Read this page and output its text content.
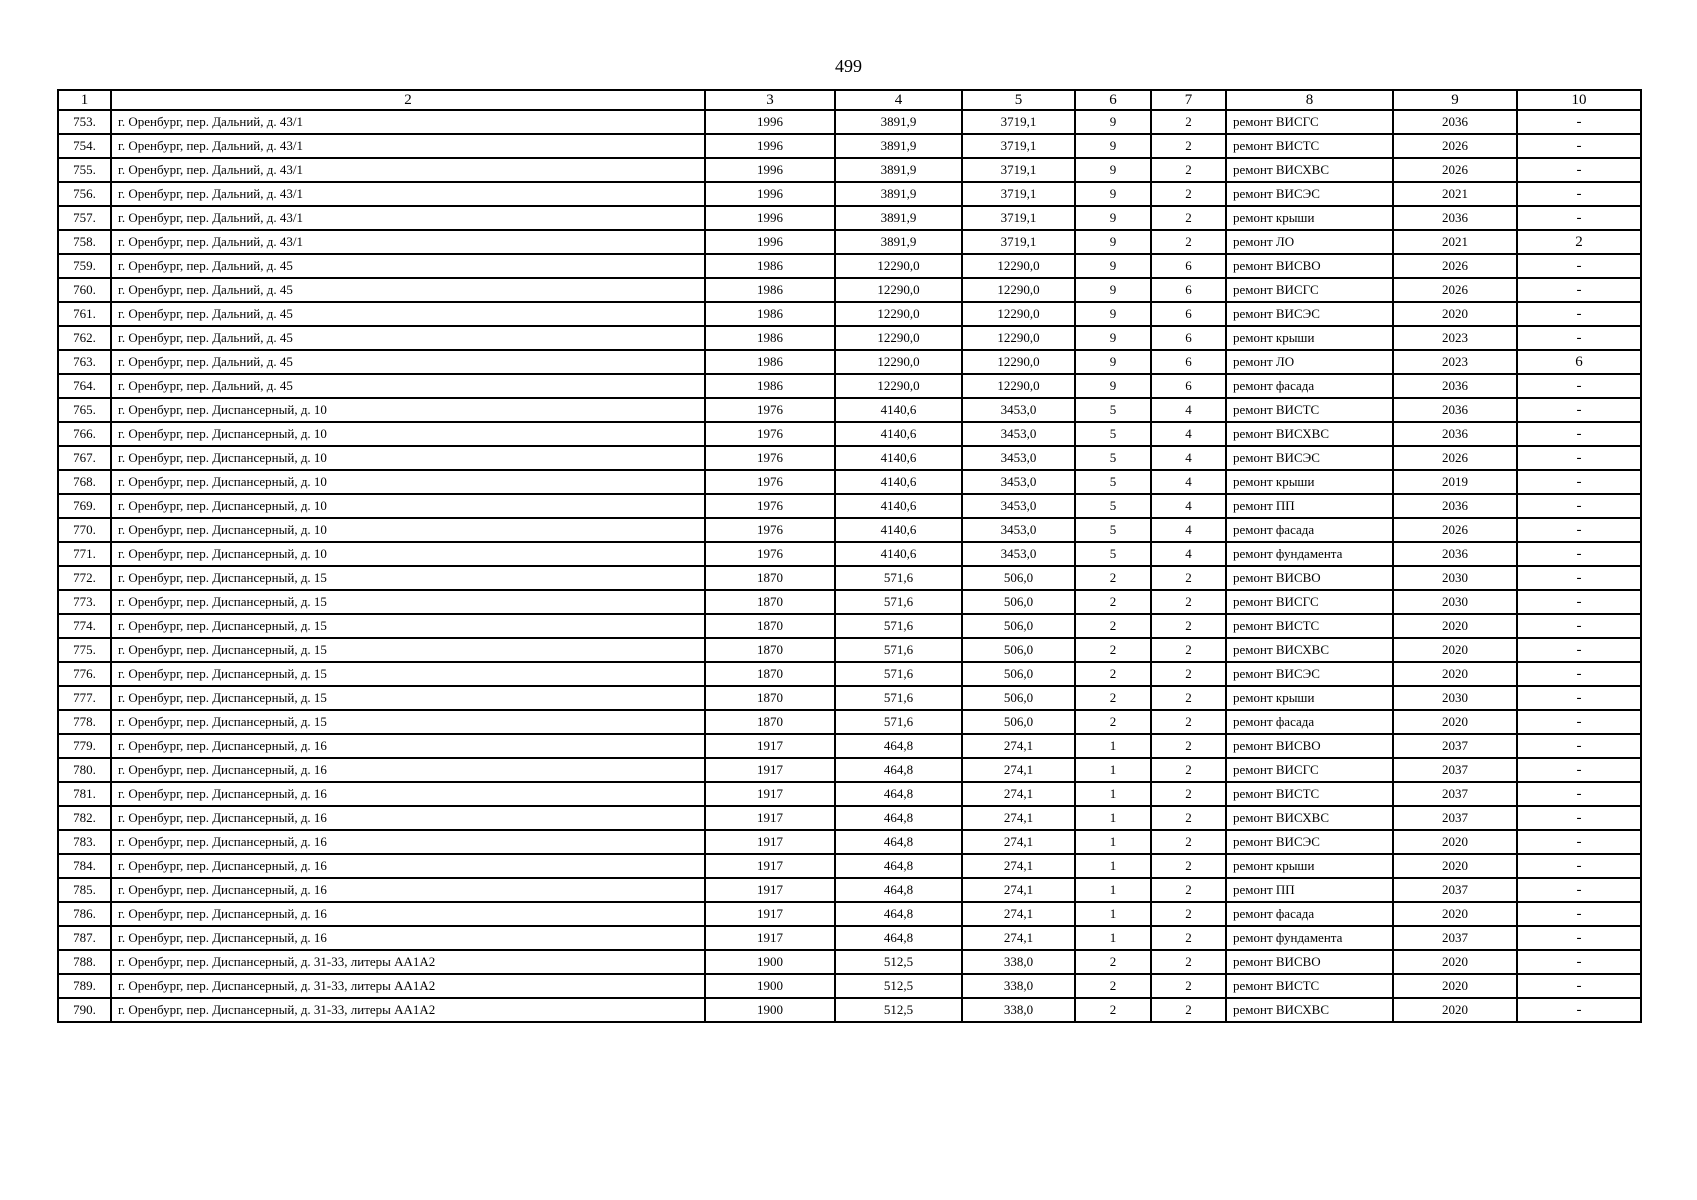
499
1	2	3	4	5	6	7	8	9	10
753.	г. Оренбург, пер. Дальний, д. 43/1	1996	3891,9	3719,1	9	2	ремонт ВИСГС	2036	-
754.	г. Оренбург, пер. Дальний, д. 43/1	1996	3891,9	3719,1	9	2	ремонт ВИСТС	2026	-
755.	г. Оренбург, пер. Дальний, д. 43/1	1996	3891,9	3719,1	9	2	ремонт ВИСХВС	2026	-
756.	г. Оренбург, пер. Дальний, д. 43/1	1996	3891,9	3719,1	9	2	ремонт ВИСЭС	2021	-
757.	г. Оренбург, пер. Дальний, д. 43/1	1996	3891,9	3719,1	9	2	ремонт крыши	2036	-
758.	г. Оренбург, пер. Дальний, д. 43/1	1996	3891,9	3719,1	9	2	ремонт ЛО	2021	2
759.	г. Оренбург, пер. Дальний, д. 45	1986	12290,0	12290,0	9	6	ремонт ВИСВО	2026	-
760.	г. Оренбург, пер. Дальний, д. 45	1986	12290,0	12290,0	9	6	ремонт ВИСГС	2026	-
761.	г. Оренбург, пер. Дальний, д. 45	1986	12290,0	12290,0	9	6	ремонт ВИСЭС	2020	-
762.	г. Оренбург, пер. Дальний, д. 45	1986	12290,0	12290,0	9	6	ремонт крыши	2023	-
763.	г. Оренбург, пер. Дальний, д. 45	1986	12290,0	12290,0	9	6	ремонт ЛО	2023	6
764.	г. Оренбург, пер. Дальний, д. 45	1986	12290,0	12290,0	9	6	ремонт фасада	2036	-
765.	г. Оренбург, пер. Диспансерный, д. 10	1976	4140,6	3453,0	5	4	ремонт ВИСТС	2036	-
766.	г. Оренбург, пер. Диспансерный, д. 10	1976	4140,6	3453,0	5	4	ремонт ВИСХВС	2036	-
767.	г. Оренбург, пер. Диспансерный, д. 10	1976	4140,6	3453,0	5	4	ремонт ВИСЭС	2026	-
768.	г. Оренбург, пер. Диспансерный, д. 10	1976	4140,6	3453,0	5	4	ремонт крыши	2019	-
769.	г. Оренбург, пер. Диспансерный, д. 10	1976	4140,6	3453,0	5	4	ремонт ПП	2036	-
770.	г. Оренбург, пер. Диспансерный, д. 10	1976	4140,6	3453,0	5	4	ремонт фасада	2026	-
771.	г. Оренбург, пер. Диспансерный, д. 10	1976	4140,6	3453,0	5	4	ремонт фундамента	2036	-
772.	г. Оренбург, пер. Диспансерный, д. 15	1870	571,6	506,0	2	2	ремонт ВИСВО	2030	-
773.	г. Оренбург, пер. Диспансерный, д. 15	1870	571,6	506,0	2	2	ремонт ВИСГС	2030	-
774.	г. Оренбург, пер. Диспансерный, д. 15	1870	571,6	506,0	2	2	ремонт ВИСТС	2020	-
775.	г. Оренбург, пер. Диспансерный, д. 15	1870	571,6	506,0	2	2	ремонт ВИСХВС	2020	-
776.	г. Оренбург, пер. Диспансерный, д. 15	1870	571,6	506,0	2	2	ремонт ВИСЭС	2020	-
777.	г. Оренбург, пер. Диспансерный, д. 15	1870	571,6	506,0	2	2	ремонт крыши	2030	-
778.	г. Оренбург, пер. Диспансерный, д. 15	1870	571,6	506,0	2	2	ремонт фасада	2020	-
779.	г. Оренбург, пер. Диспансерный, д. 16	1917	464,8	274,1	1	2	ремонт ВИСВО	2037	-
780.	г. Оренбург, пер. Диспансерный, д. 16	1917	464,8	274,1	1	2	ремонт ВИСГС	2037	-
781.	г. Оренбург, пер. Диспансерный, д. 16	1917	464,8	274,1	1	2	ремонт ВИСТС	2037	-
782.	г. Оренбург, пер. Диспансерный, д. 16	1917	464,8	274,1	1	2	ремонт ВИСХВС	2037	-
783.	г. Оренбург, пер. Диспансерный, д. 16	1917	464,8	274,1	1	2	ремонт ВИСЭС	2020	-
784.	г. Оренбург, пер. Диспансерный, д. 16	1917	464,8	274,1	1	2	ремонт крыши	2020	-
785.	г. Оренбург, пер. Диспансерный, д. 16	1917	464,8	274,1	1	2	ремонт ПП	2037	-
786.	г. Оренбург, пер. Диспансерный, д. 16	1917	464,8	274,1	1	2	ремонт фасада	2020	-
787.	г. Оренбург, пер. Диспансерный, д. 16	1917	464,8	274,1	1	2	ремонт фундамента	2037	-
788.	г. Оренбург, пер. Диспансерный, д. 31-33, литеры АА1А2	1900	512,5	338,0	2	2	ремонт ВИСВО	2020	-
789.	г. Оренбург, пер. Диспансерный, д. 31-33, литеры АА1А2	1900	512,5	338,0	2	2	ремонт ВИСТС	2020	-
790.	г. Оренбург, пер. Диспансерный, д. 31-33, литеры АА1А2	1900	512,5	338,0	2	2	ремонт ВИСХВС	2020	-
